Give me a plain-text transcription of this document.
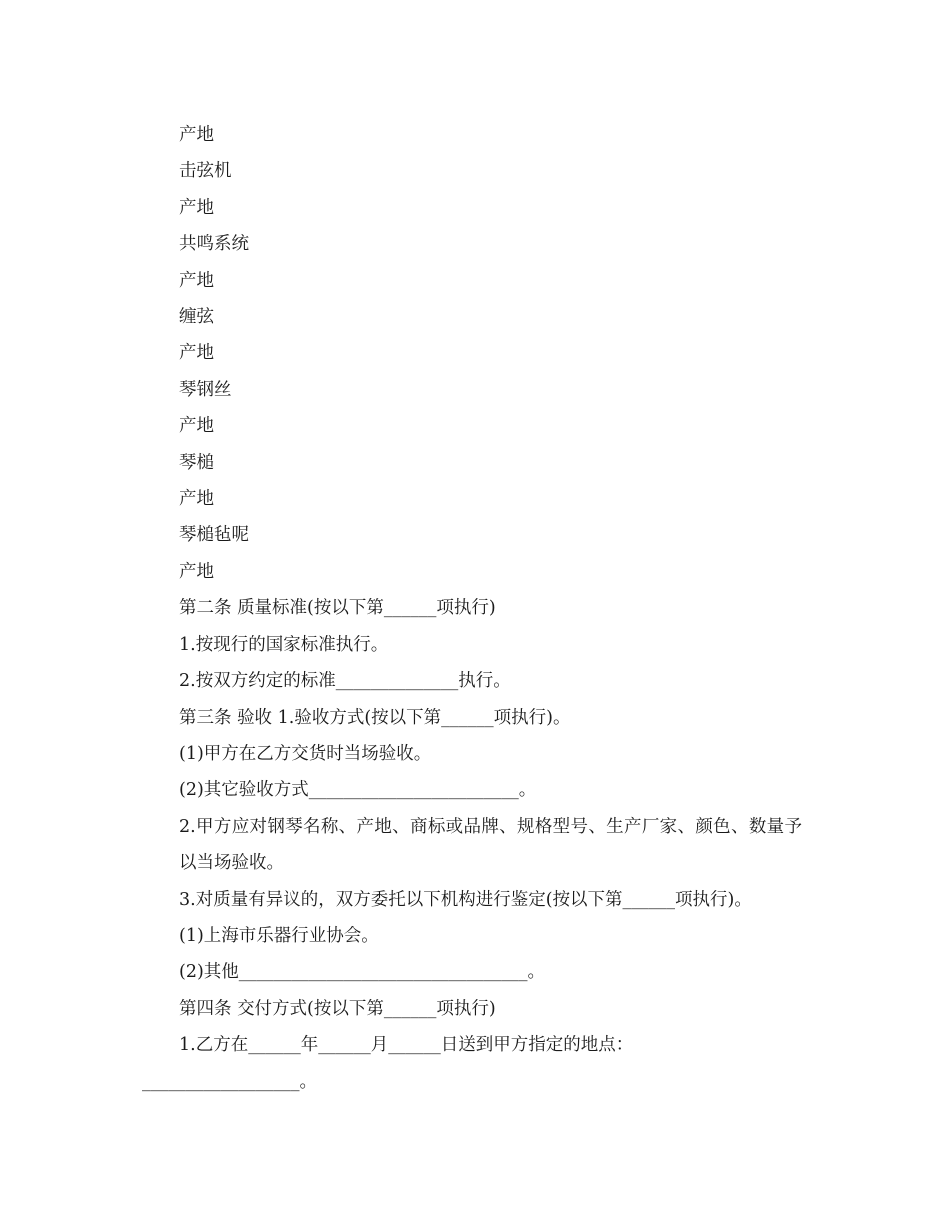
产地
击弦机
产地
共鸣系统
产地
缠弦
产地
琴钢丝
产地
琴槌
产地
琴槌毡呢
产地
第二条 质量标准(按以下第______项执行)
1.按现行的国家标准执行。
2.按双方约定的标准______________执行。
第三条 验收 1.验收方式(按以下第______项执行)。
(1)甲方在乙方交货时当场验收。
(2)其它验收方式________________________。
2.甲方应对钢琴名称、产地、商标或品牌、规格型号、生产厂家、颜色、数量予以当场验收。
3.对质量有异议的，双方委托以下机构进行鉴定(按以下第______项执行)。
(1)上海市乐器行业协会。
(2)其他_________________________________。
第四条 交付方式(按以下第______项执行)
1.乙方在______年______月______日送到甲方指定的地点：
__________________。
